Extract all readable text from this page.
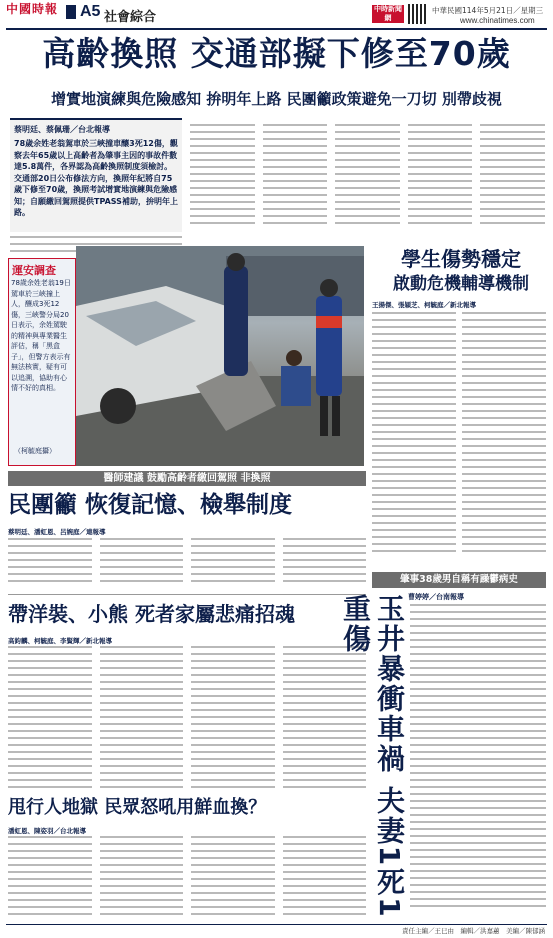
中國時報 A5 社會綜合
中時新聞網
中華民國114年5月21日／星期三
www.chinatimes.com
高齡換照 交通部擬下修至70歲
增實地演練與危險感知 拚明年上路 民團籲政策避免一刀切 別帶歧視
蔡明廷、蔡佩珊／台北報導
78歲余姓老翁駕車於三峽撞車釀3死12傷，觀察去年65歲以上高齡者為肇事主因的事故件數達5.8萬件，各界認為高齡換照制度須檢討。交通部20日公布修法方向，換照年紀將自75歲下修至70歲，換照考試增實地演練與危險感知；自願繳回駕照提供TPASS補助，拚明年上路。
運安調查
78歲余姓老翁19日駕車於三峽撞上人，釀成3死12傷，三峽警分局20日表示，余姓駕駛的精神與專業醫生評估，稱「黑盒子」，但警方表示有無法核實，疑有可以追溯，協助有心情不好的真相。
（柯毓庭攝）
學生傷勢穩定
啟動危機輔導機制
王揚傑、張穎芝、柯毓庭／新北報導
醫師建議 鼓勵高齡者繳回駕照 非換照
民團籲 恢復記憶、檢舉制度
蔡明廷、潘虹恩、呂婉庭／連報導
帶洋裝、小熊 死者家屬悲痛招魂
高鈞麟、柯毓庭、李賢輝／新北報導
甩行人地獄 民眾怒吼用鮮血換？
潘虹恩、陳姿羽／台北報導
肇事38歲男自稱有躁鬱病史
曹婷婷／台南報導
玉井暴衝車禍 夫妻1死1重傷
責任主編／王巳由　編輯／洪嘉蕙　美編／陳郁涵
